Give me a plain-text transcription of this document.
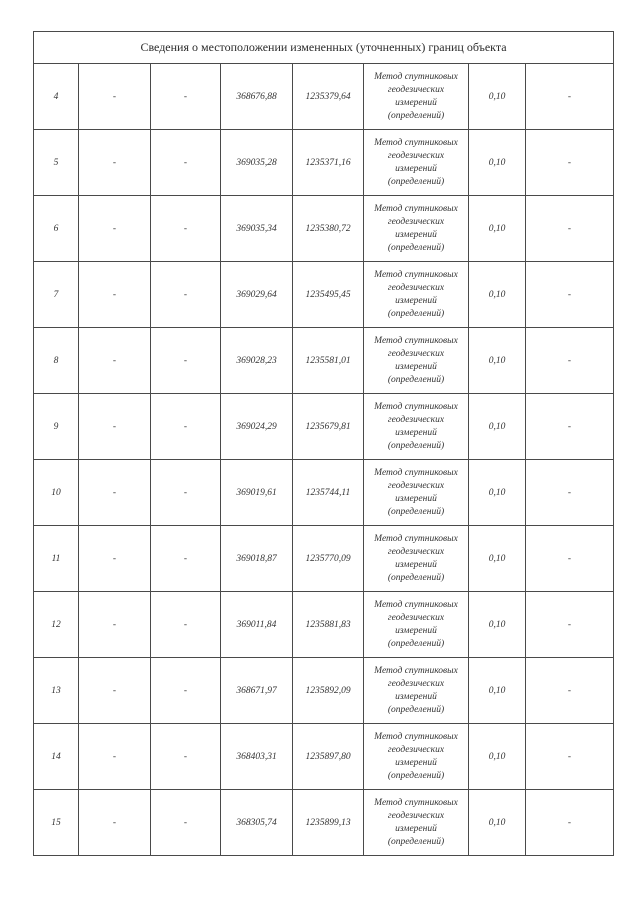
Сведения о местоположении измененных (уточненных) границ объекта							
4	-	-	368676,88	1235379,64	Метод спутниковых
геодезических
измерений
(определений)	0,10	-
5	-	-	369035,28	1235371,16	Метод спутниковых
геодезических
измерений
(определений)	0,10	-
6	-	-	369035,34	1235380,72	Метод спутниковых
геодезических
измерений
(определений)	0,10	-
7	-	-	369029,64	1235495,45	Метод спутниковых
геодезических
измерений
(определений)	0,10	-
8	-	-	369028,23	1235581,01	Метод спутниковых
геодезических
измерений
(определений)	0,10	-
9	-	-	369024,29	1235679,81	Метод спутниковых
геодезических
измерений
(определений)	0,10	-
10	-	-	369019,61	1235744,11	Метод спутниковых
геодезических
измерений
(определений)	0,10	-
11	-	-	369018,87	1235770,09	Метод спутниковых
геодезических
измерений
(определений)	0,10	-
12	-	-	369011,84	1235881,83	Метод спутниковых
геодезических
измерений
(определений)	0,10	-
13	-	-	368671,97	1235892,09	Метод спутниковых
геодезических
измерений
(определений)	0,10	-
14	-	-	368403,31	1235897,80	Метод спутниковых
геодезических
измерений
(определений)	0,10	-
15	-	-	368305,74	1235899,13	Метод спутниковых
геодезических
измерений
(определений)	0,10	-
